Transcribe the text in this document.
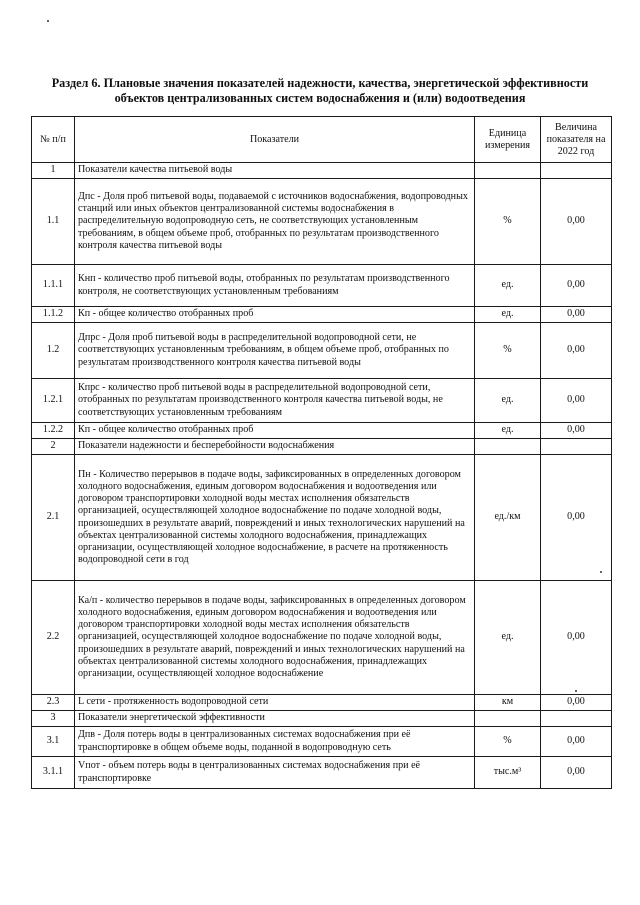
Раздел 6. Плановые значения показателей надежности, качества, энергетической эффективности
объектов централизованных систем водоснабжения и (или) водоотведения
№ п/п	Показатели	Единица измерения	Величина показателя на 2022 год
1	Показатели качества питьевой воды		
1.1	Дпс - Доля проб питьевой воды, подаваемой с источников водоснабжения, водопроводных станций или иных объектов централизованной системы водоснабжения в распределительную водопроводную сеть, не соответствующих установленным требованиям, в общем объеме проб, отобранных по результатам производственного контроля качества питьевой воды	%	0,00
1.1.1	Кнп - количество проб питьевой воды, отобранных по результатам производственного контроля, не соответствующих установленным требованиям	ед.	0,00
1.1.2	Кп - общее количество отобранных проб	ед.	0,00
1.2	Дпрс - Доля проб питьевой воды в распределительной водопроводной сети, не соответствующих установленным требованиям, в общем объеме проб, отобранных по результатам производственного контроля качества питьевой воды	%	0,00
1.2.1	Кпрс - количество проб питьевой воды в распределительной водопроводной сети, отобранных по результатам производственного контроля качества питьевой воды, не соответствующих установленным требованиям	ед.	0,00
1.2.2	Кп - общее количество отобранных проб	ед.	0,00
2	Показатели надежности и бесперебойности водоснабжения		
2.1	Пн - Количество перерывов в подаче воды, зафиксированных в определенных договором холодного водоснабжения, единым договором водоснабжения и водоотведения или договором транспортировки холодной воды местах исполнения обязательств организацией, осуществляющей холодное водоснабжение по подаче холодной воды, произошедших в результате аварий, повреждений и иных технологических нарушений на объектах централизованной системы холодного водоснабжения, принадлежащих организации, осуществляющей холодное водоснабжение, в расчете на протяженность водопроводной сети в год	ед./км	0,00
2.2	Ка/п - количество перерывов в подаче воды, зафиксированных в определенных договором холодного водоснабжения, единым договором водоснабжения и водоотведения или договором транспортировки холодной воды местах исполнения обязательств организацией, осуществляющей холодное водоснабжение по подаче холодной воды, произошедших в результате аварий, повреждений и иных технологических нарушений на объектах централизованной системы холодного водоснабжения, принадлежащих организации, осуществляющей холодное водоснабжение	ед.	0,00
2.3	L сети - протяженность водопроводной сети	км	0,00
3	Показатели энергетической эффективности		
3.1	Дпв - Доля потерь воды в централизованных системах водоснабжения при её транспортировке в общем объеме воды, поданной в водопроводную сеть	%	0,00
3.1.1	Vпот - объем потерь воды в централизованных системах водоснабжения при её транспортировке	тыс.м³	0,00
